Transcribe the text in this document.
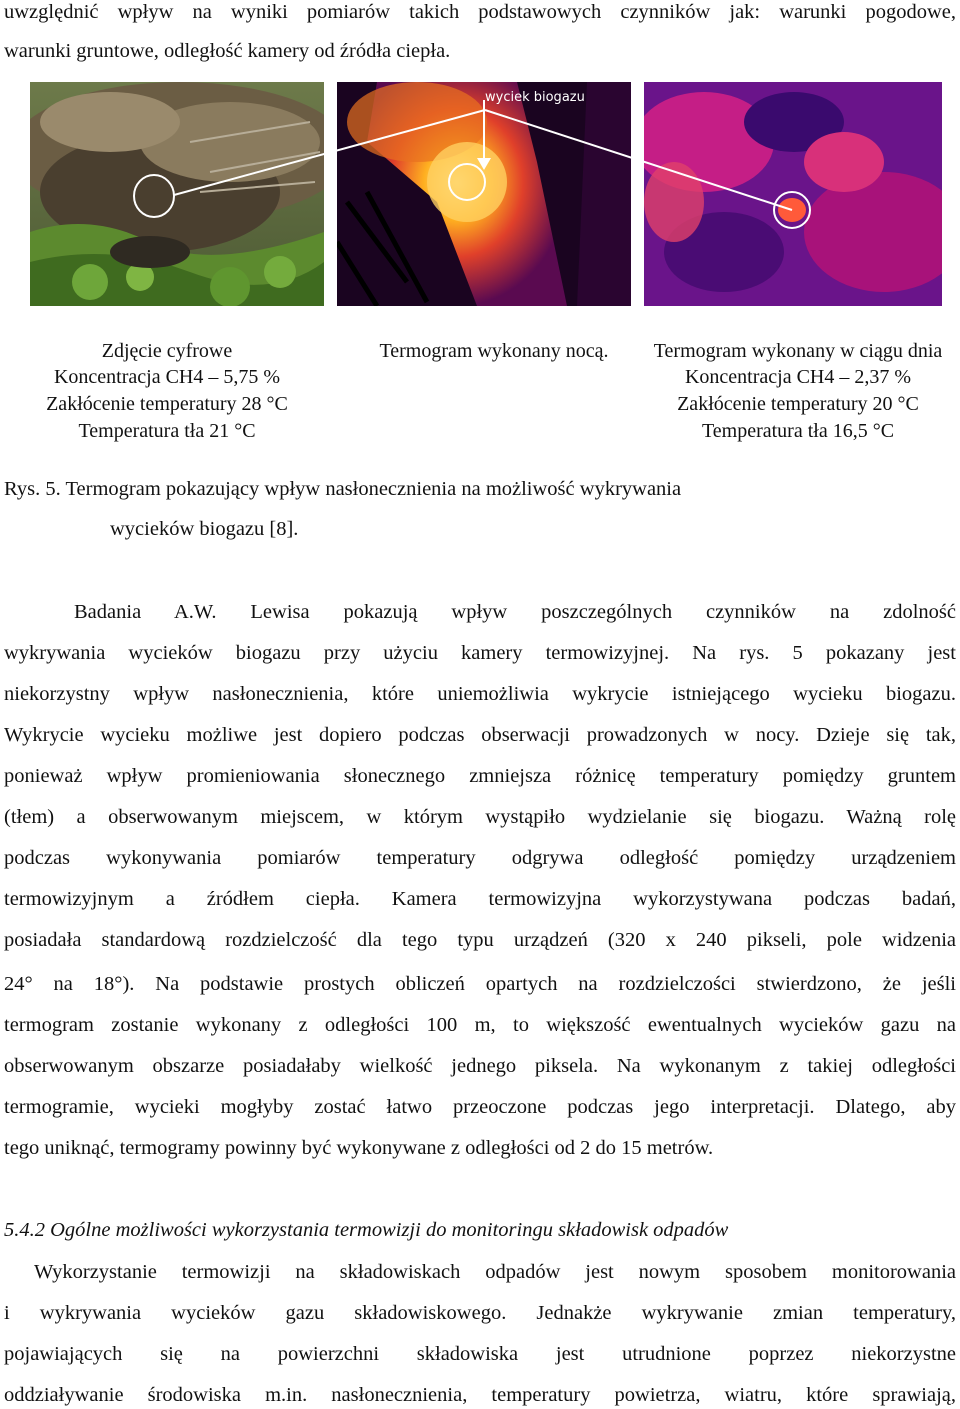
uwzględnić wpływ na wyniki pomiarów takich podstawowych czynników jak: warunki pogodowe,
warunki gruntowe, odległość kamery od źródła ciepła.
wyciek biogazu
Zdjęcie cyfrowe
Koncentracja CH4 – 5,75 %
Zakłócenie temperatury 28 °C
Temperatura tła 21 °C
Termogram wykonany nocą.	Termogram wykonany w ciągu dnia
Koncentracja CH4 – 2,37 %
Zakłócenie temperatury 20 °C
Temperatura tła 16,5 °C
Rys. 5. Termogram pokazujący wpływ nasłonecznienia na możliwość wykrywania
wycieków biogazu [8].
Badania A.W. Lewisa pokazują wpływ poszczególnych czynników na zdolność
wykrywania wycieków biogazu przy użyciu kamery termowizyjnej. Na rys. 5 pokazany jest
niekorzystny wpływ nasłonecznienia, które uniemożliwia wykrycie istniejącego wycieku biogazu.
Wykrycie wycieku możliwe jest dopiero podczas obserwacji prowadzonych w nocy. Dzieje się tak,
ponieważ wpływ promieniowania słonecznego zmniejsza różnicę temperatury pomiędzy gruntem
(tłem) a obserwowanym miejscem, w którym wystąpiło wydzielanie się biogazu. Ważną rolę
podczas wykonywania pomiarów temperatury odgrywa odległość pomiędzy urządzeniem
termowizyjnym a źródłem ciepła. Kamera termowizyjna wykorzystywana podczas badań,
posiadała standardową rozdzielczość dla tego typu urządzeń (320 x 240 pikseli, pole widzenia
24° na 18°). Na podstawie prostych obliczeń opartych na rozdzielczości stwierdzono, że jeśli
termogram zostanie wykonany z odległości 100 m, to większość ewentualnych wycieków gazu na
obserwowanym obszarze posiadałaby wielkość jednego piksela. Na wykonanym z takiej odległości
termogramie, wycieki mogłyby zostać łatwo przeoczone podczas jego interpretacji. Dlatego, aby
tego uniknąć, termogramy powinny być wykonywane z odległości od 2 do 15 metrów.
5.4.2 Ogólne możliwości wykorzystania termowizji do monitoringu składowisk odpadów
Wykorzystanie termowizji na składowiskach odpadów jest nowym sposobem monitorowania
i wykrywania wycieków gazu składowiskowego. Jednakże wykrywanie zmian temperatury,
pojawiających się na powierzchni składowiska jest utrudnione poprzez niekorzystne
oddziaływanie środowiska m.in. nasłonecznienia, temperatury powietrza, wiatru, które sprawiają,
